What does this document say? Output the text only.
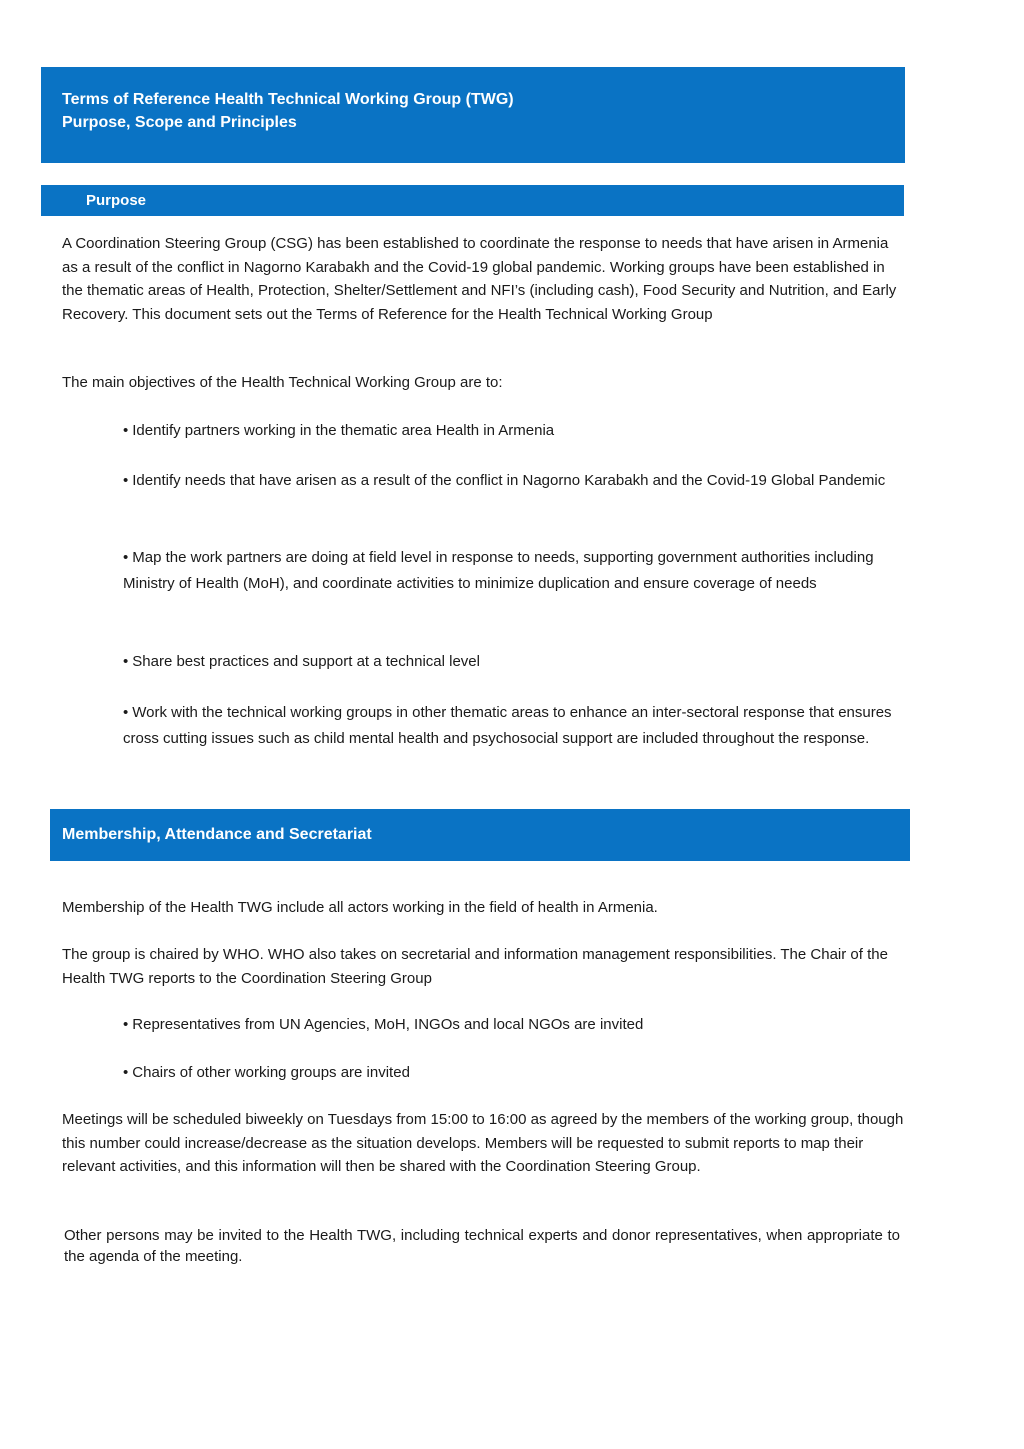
Terms of Reference Health Technical Working Group (TWG)
Purpose, Scope and Principles
Purpose

A Coordination Steering Group (CSG) has been established to coordinate the response to needs that have arisen in Armenia as a result of the conflict in Nagorno Karabakh and the Covid-19 global pandemic. Working groups have been established in the thematic areas of Health, Protection, Shelter/Settlement and NFI’s (including cash), Food Security and Nutrition, and Early Recovery. This document sets out the Terms of Reference for the Health Technical Working Group

The main objectives of the Health Technical Working Group are to:

• Identify partners working in the thematic area Health in Armenia
• Identify needs that have arisen as a result of the conflict in Nagorno Karabakh and the Covid-19 Global Pandemic
• Map the work partners are doing at field level in response to needs, supporting government authorities including Ministry of Health (MoH), and coordinate activities to minimize duplication and ensure coverage of needs
• Share best practices and support at a technical level
• Work with the technical working groups in other thematic areas to enhance an inter-sectoral response that ensures cross cutting issues such as child mental health and psychosocial support are included throughout the response.
Membership, Attendance and Secretariat

Membership of the Health TWG include all actors working in the field of health in Armenia.

The group is chaired by WHO. WHO also takes on secretarial and information management responsibilities. The Chair of the Health TWG reports to the Coordination Steering Group

• Representatives from UN Agencies, MoH, INGOs and local NGOs are invited
• Chairs of other working groups are invited

Meetings will be scheduled biweekly on Tuesdays from 15:00 to 16:00 as agreed by the members of the working group, though this number could increase/decrease as the situation develops. Members will be requested to submit reports to map their relevant activities, and this information will then be shared with the Coordination Steering Group.

Other persons may be invited to the Health TWG, including technical experts and donor representatives, when appropriate to the agenda of the meeting.
